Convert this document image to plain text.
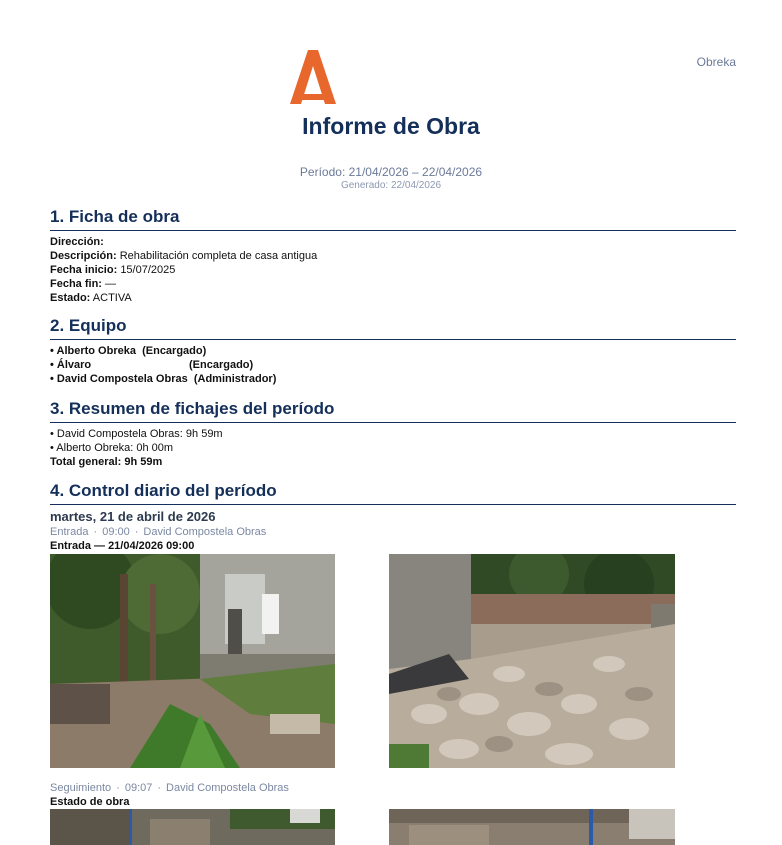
Obreka
Informe de Obra
Período: 21/04/2026 – 22/04/2026
Generado: 22/04/2026
1. Ficha de obra
Dirección:
Descripción: Rehabilitación completa de casa antigua
Fecha inicio: 15/07/2025
Fecha fin: —
Estado: ACTIVA
2. Equipo
• Alberto Obreka (Encargado)
• Álvaro	(Encargado)
• David Compostela Obras (Administrador)
3. Resumen de fichajes del período
• David Compostela Obras: 9h 59m
• Alberto Obreka: 0h 00m
Total general: 9h 59m
4. Control diario del período
martes, 21 de abril de 2026
Entrada · 09:00 · David Compostela Obras
Entrada — 21/04/2026 09:00
Seguimiento · 09:07 · David Compostela Obras
Estado de obra
